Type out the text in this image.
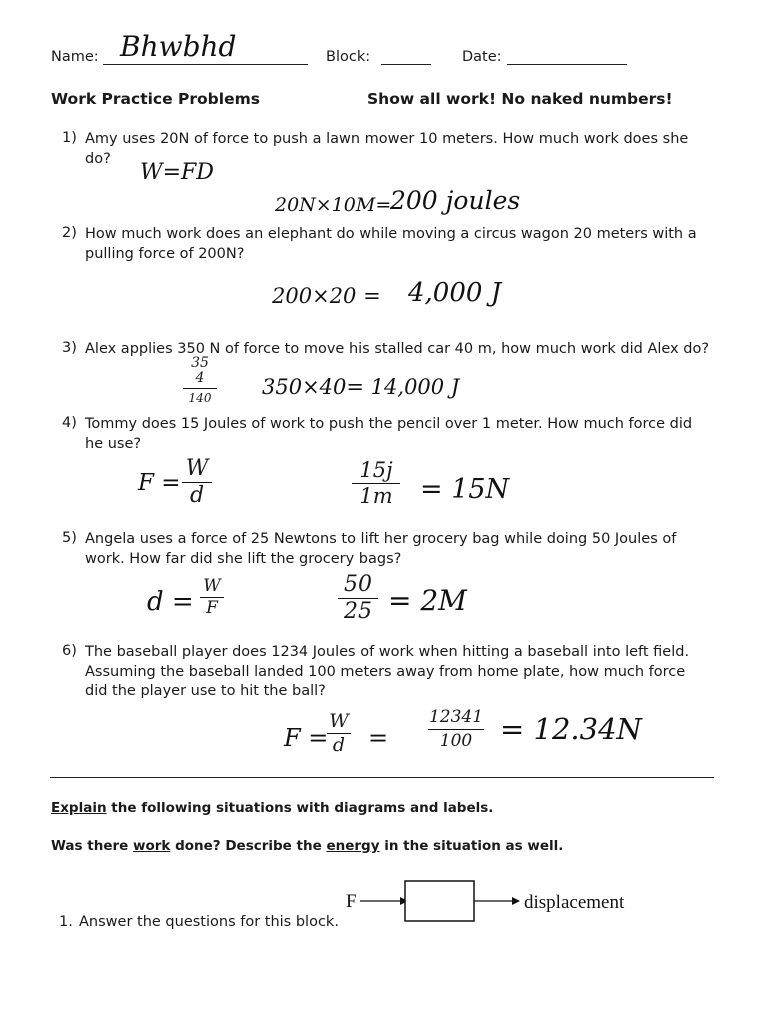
Name: Bhwbhd	Block:	Date:
Work Practice Problems	Show all work! No naked numbers!
1) Amy uses 20N of force to push a lawn mower 10 meters. How much work does she
do?
W=FD
20N×10M=
200 joules
2) How much work does an elephant do while moving a circus wagon 20 meters with a
pulling force of 200N?
200×20 = 4,000 J
3) Alex applies 350 N of force to move his stalled car 40 m, how much work did Alex do?
35
4
140 350×40= 14,000 J
4) Tommy does 15 Joules of work to push the pencil over 1 meter. How much force did
he use?
F =
W
d
15j
1m = 15N
5) Angela uses a force of 25 Newtons to lift her grocery bag while doing 50 Joules of
work. How far did she lift the grocery bags?
d =
W
F
50
25 = 2M
6) The baseball player does 1234 Joules of work when hitting a baseball into left field.
Assuming the baseball landed 100 meters away from home plate, how much force
did the player use to hit the ball?
F =
W
d =
12341
100 = 12.34N
Explain the following situations with diagrams and labels.
Was there work done? Describe the energy in the situation as well.
F	displacement
1. Answer the questions for this block.
